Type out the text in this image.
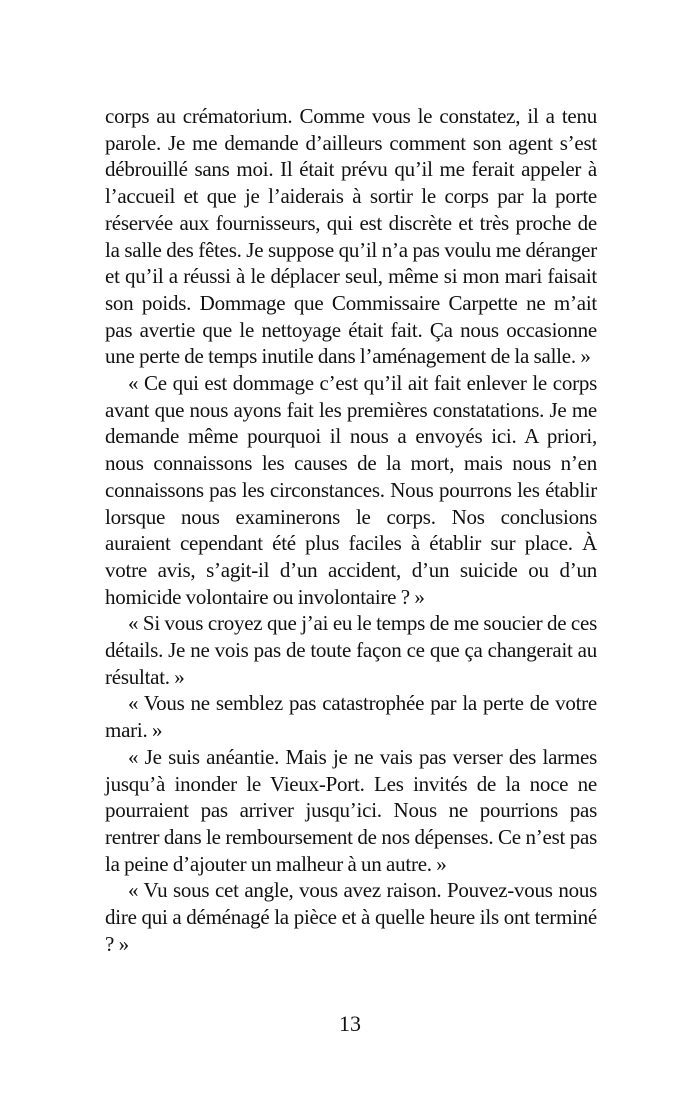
corps au crématorium. Comme vous le constatez, il a tenu parole. Je me demande d’ailleurs comment son agent s’est débrouillé sans moi. Il était prévu qu’il me ferait appeler à l’accueil et que je l’aiderais à sortir le corps par la porte réservée aux fournisseurs, qui est discrète et très proche de la salle des fêtes. Je suppose qu’il n’a pas voulu me déranger et qu’il a réussi à le déplacer seul, même si mon mari faisait son poids. Dommage que Commissaire Carpette ne m’ait pas avertie que le nettoyage était fait. Ça nous occasionne une perte de temps inutile dans l’aménagement de la salle. »

« Ce qui est dommage c’est qu’il ait fait enlever le corps avant que nous ayons fait les premières constatations. Je me demande même pourquoi il nous a envoyés ici. A priori, nous connaissons les causes de la mort, mais nous n’en connaissons pas les circonstances. Nous pourrons les établir lorsque nous examinerons le corps. Nos conclusions auraient cependant été plus faciles à établir sur place. À votre avis, s’agit-il d’un accident, d’un suicide ou d’un homicide volontaire ou involontaire ? »

« Si vous croyez que j’ai eu le temps de me soucier de ces détails. Je ne vois pas de toute façon ce que ça changerait au résultat. »

« Vous ne semblez pas catastrophée par la perte de votre mari. »

« Je suis anéantie. Mais je ne vais pas verser des larmes jusqu’à inonder le Vieux-Port. Les invités de la noce ne pourraient pas arriver jusqu’ici. Nous ne pourrions pas rentrer dans le remboursement de nos dépenses. Ce n’est pas la peine d’ajouter un malheur à un autre. »

« Vu sous cet angle, vous avez raison. Pouvez-vous nous dire qui a déménagé la pièce et à quelle heure ils ont terminé ? »

13
